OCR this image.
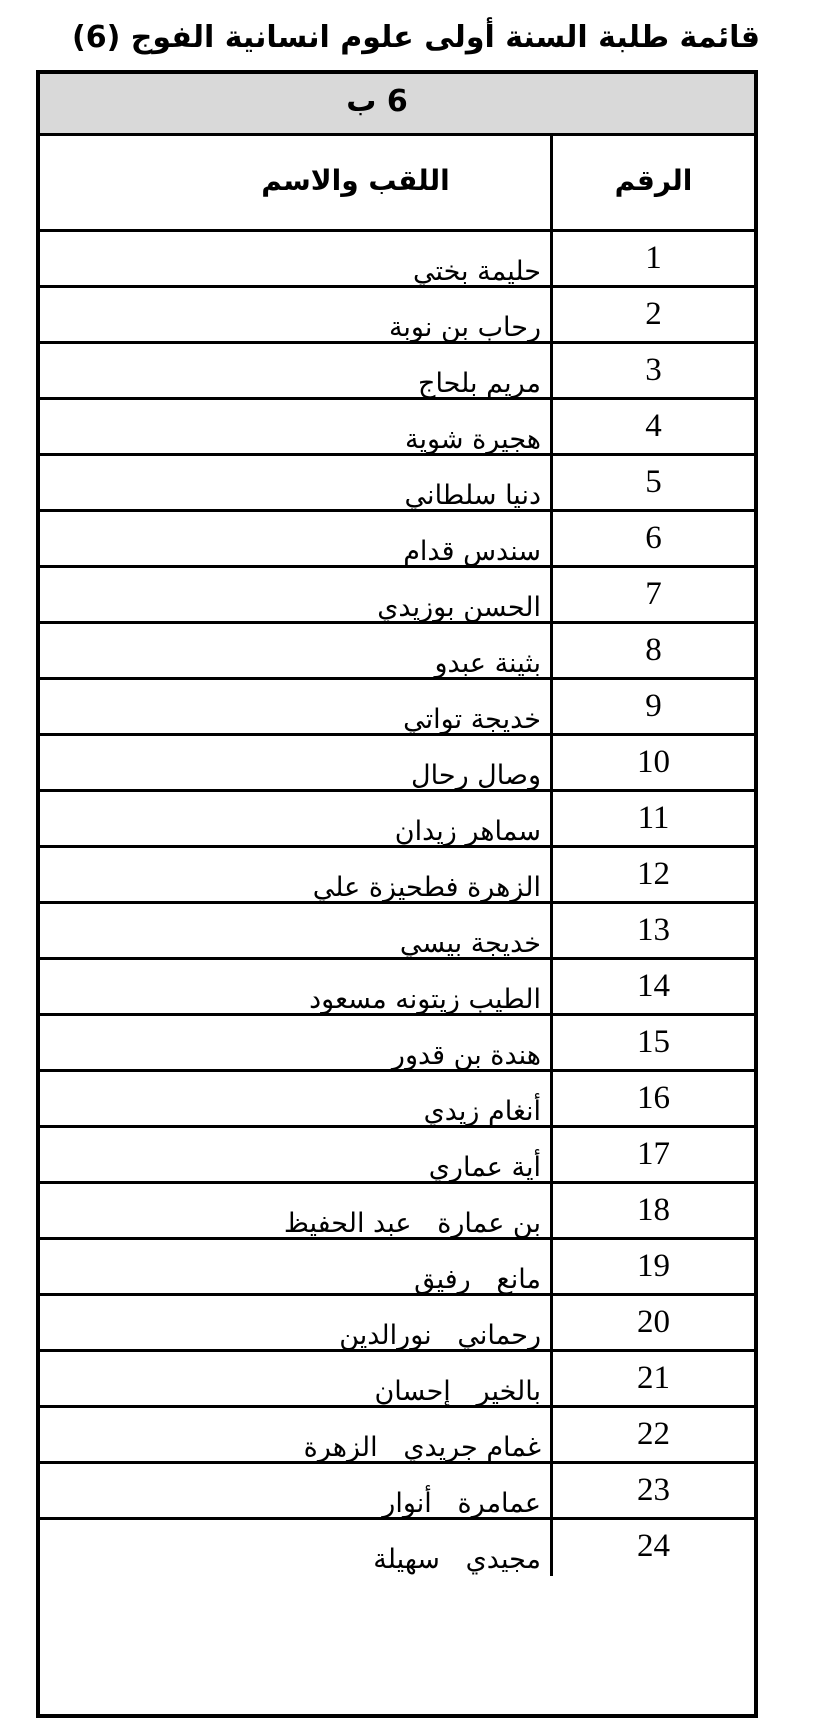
قائمة طلبة السنة أولى علوم انسانية الفوج (6)
ب 6
الرقم
اللقب والاسم
1
حليمة بختي
2
رحاب بن نوبة
3
مريم بلحاج
4
هجيرة شوية
5
دنيا سلطاني
6
سندس قدام
7
الحسن بوزيدي
8
بثينة عبدو
9
خديجة تواتي
10
وصال رحال
11
سماهر زيدان
12
الزهرة فطحيزة علي
13
خديجة بيسي
14
الطيب زيتونه مسعود
15
هندة بن قدور
16
أنغام زيدي
17
أية عماري
18
بن عمارة   عبد الحفيظ
19
مانع   رفيق
20
رحماني   نورالدين
21
بالخير   إحسان
22
غمام جريدي   الزهرة
23
عمامرة   أنوار
24
مجيدي   سهيلة
